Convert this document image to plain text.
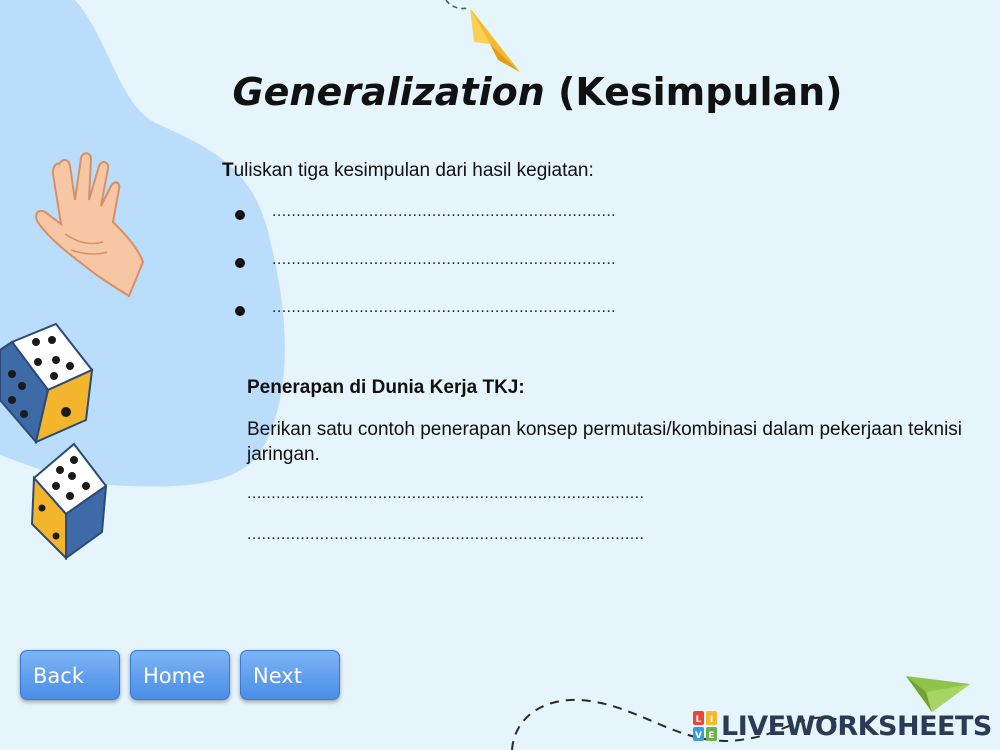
Generalization (Kesimpulan)
Tuliskan tiga kesimpulan dari hasil kegiatan:
.......................................................................
.......................................................................
.......................................................................
Penerapan di Dunia Kerja TKJ:
Berikan satu contoh penerapan konsep permutasi/kombinasi dalam pekerjaan teknisi jaringan.
..................................................................................
..................................................................................
Back	Home	Next
L I
V E LIVEWORKSHEETS
